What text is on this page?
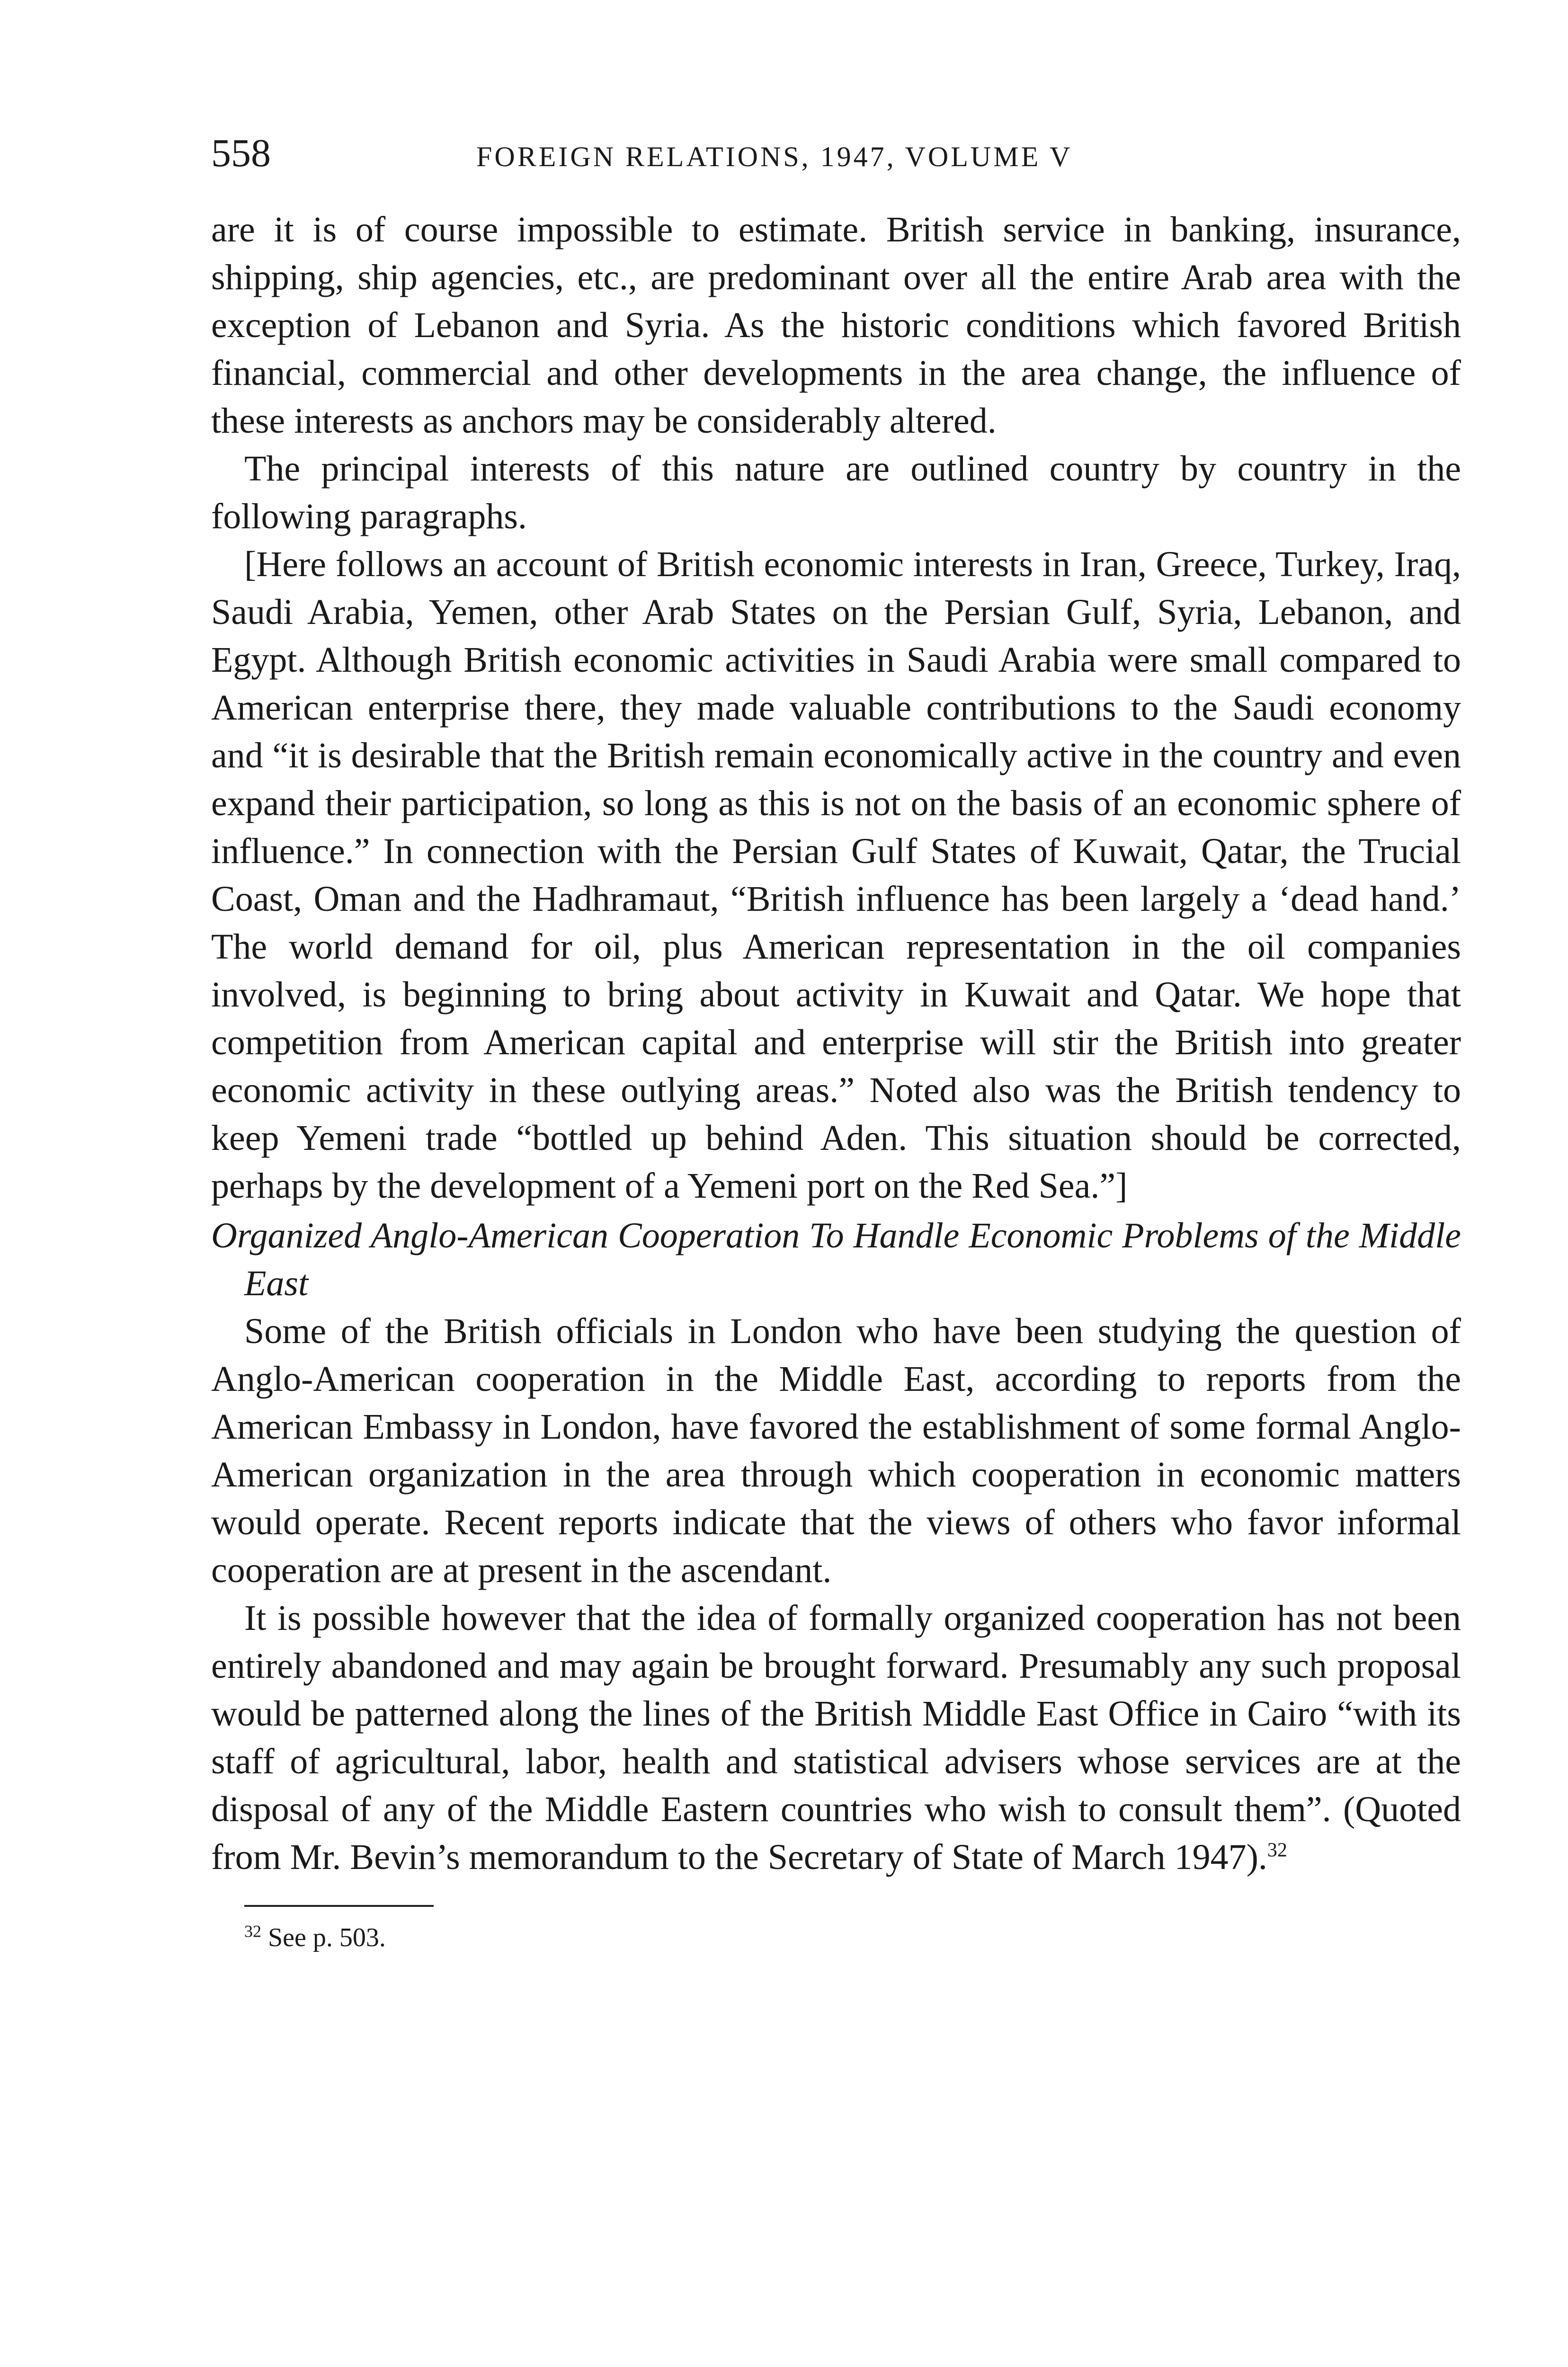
558	FOREIGN RELATIONS, 1947, VOLUME V

are it is of course impossible to estimate. British service in banking, insurance, shipping, ship agencies, etc., are predominant over all the entire Arab area with the exception of Lebanon and Syria. As the historic conditions which favored British financial, commercial and other developments in the area change, the influence of these interests as anchors may be considerably altered.

The principal interests of this nature are outlined country by country in the following paragraphs.

[Here follows an account of British economic interests in Iran, Greece, Turkey, Iraq, Saudi Arabia, Yemen, other Arab States on the Persian Gulf, Syria, Lebanon, and Egypt. Although British economic activities in Saudi Arabia were small compared to American enterprise there, they made valuable contributions to the Saudi economy and “it is desirable that the British remain economically active in the country and even expand their participation, so long as this is not on the basis of an economic sphere of influence.” In connection with the Persian Gulf States of Kuwait, Qatar, the Trucial Coast, Oman and the Hadhramaut, “British influence has been largely a ‘dead hand.’ The world demand for oil, plus American representation in the oil companies involved, is beginning to bring about activity in Kuwait and Qatar. We hope that competition from American capital and enterprise will stir the British into greater economic activity in these outlying areas.” Noted also was the British tendency to keep Yemeni trade “bottled up behind Aden. This situation should be corrected, perhaps by the development of a Yemeni port on the Red Sea.”]

Organized Anglo-American Cooperation To Handle Economic Problems of the Middle East

Some of the British officials in London who have been studying the question of Anglo-American cooperation in the Middle East, according to reports from the American Embassy in London, have favored the establishment of some formal Anglo-American organization in the area through which cooperation in economic matters would operate. Recent reports indicate that the views of others who favor informal cooperation are at present in the ascendant.

It is possible however that the idea of formally organized cooperation has not been entirely abandoned and may again be brought forward. Presumably any such proposal would be patterned along the lines of the British Middle East Office in Cairo “with its staff of agricultural, labor, health and statistical advisers whose services are at the disposal of any of the Middle Eastern countries who wish to consult them”. (Quoted from Mr. Bevin’s memorandum to the Secretary of State of March 1947).$^{32}$

$^{32}$ See p. 503.
